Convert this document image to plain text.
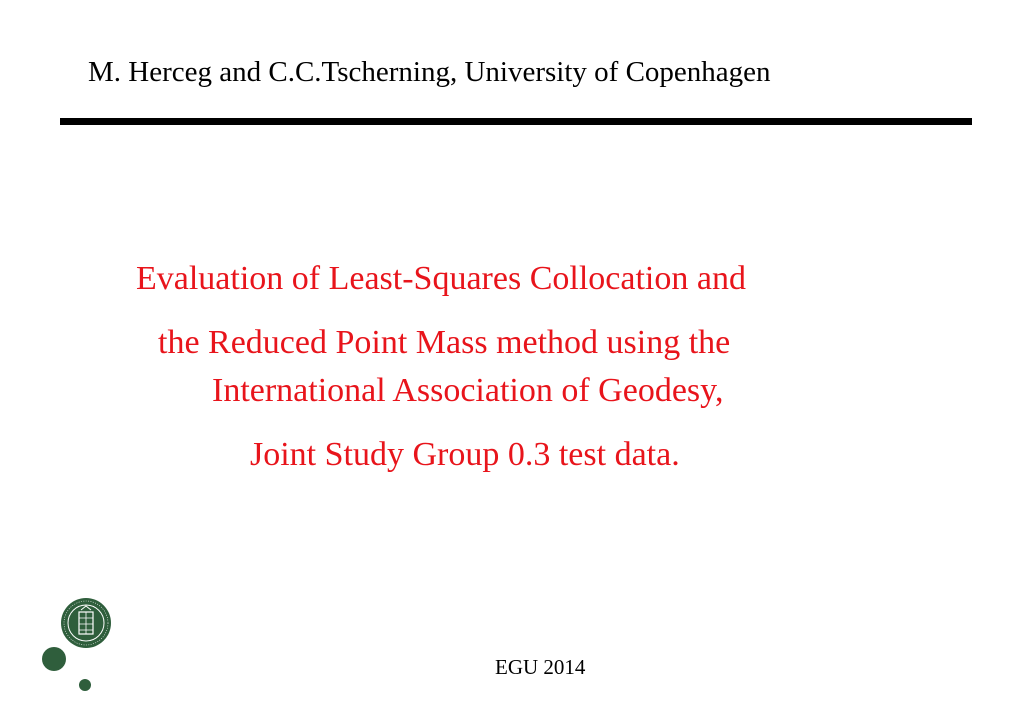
M. Herceg and C.C.Tscherning, University of Copenhagen
Evaluation of Least-Squares Collocation and
the Reduced Point Mass method using the
International Association of Geodesy,
Joint Study Group 0.3 test data.
EGU 2014
